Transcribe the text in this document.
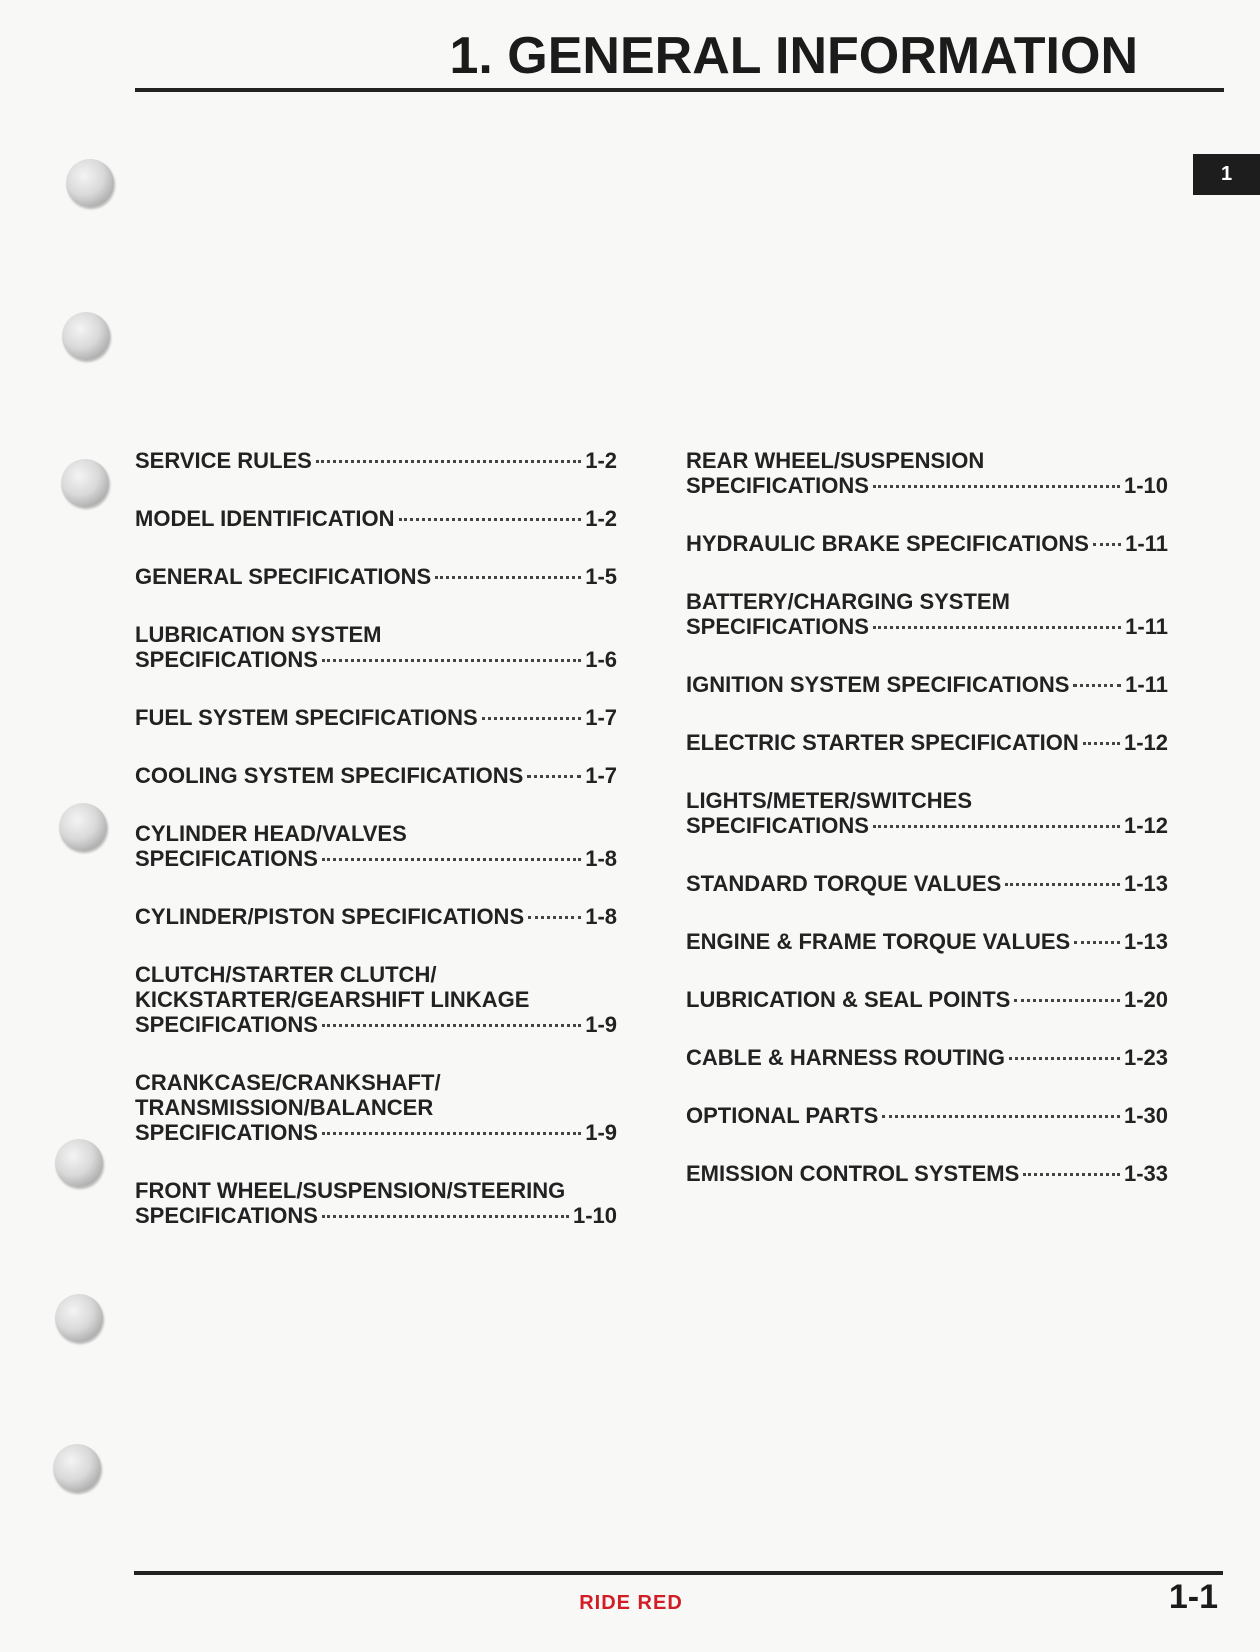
1. GENERAL INFORMATION
1
SERVICE RULES	1-2
MODEL IDENTIFICATION	1-2
GENERAL SPECIFICATIONS	1-5
LUBRICATION SYSTEM
SPECIFICATIONS	1-6
FUEL SYSTEM SPECIFICATIONS	1-7
COOLING SYSTEM SPECIFICATIONS	1-7
CYLINDER HEAD/VALVES
SPECIFICATIONS	1-8
CYLINDER/PISTON SPECIFICATIONS	1-8
CLUTCH/STARTER CLUTCH/
KICKSTARTER/GEARSHIFT LINKAGE
SPECIFICATIONS	1-9
CRANKCASE/CRANKSHAFT/
TRANSMISSION/BALANCER
SPECIFICATIONS	1-9
FRONT WHEEL/SUSPENSION/STEERING
SPECIFICATIONS	1-10
REAR WHEEL/SUSPENSION
SPECIFICATIONS	1-10
HYDRAULIC BRAKE SPECIFICATIONS 1-11
BATTERY/CHARGING SYSTEM
SPECIFICATIONS	1-11
IGNITION SYSTEM SPECIFICATIONS	1-11
ELECTRIC STARTER SPECIFICATION 1-12
LIGHTS/METER/SWITCHES
SPECIFICATIONS	1-12
STANDARD TORQUE VALUES	1-13
ENGINE & FRAME TORQUE VALUES 1-13
LUBRICATION & SEAL POINTS	1-20
CABLE & HARNESS ROUTING	1-23
OPTIONAL PARTS	1-30
EMISSION CONTROL SYSTEMS	1-33
RIDE RED	1-1
